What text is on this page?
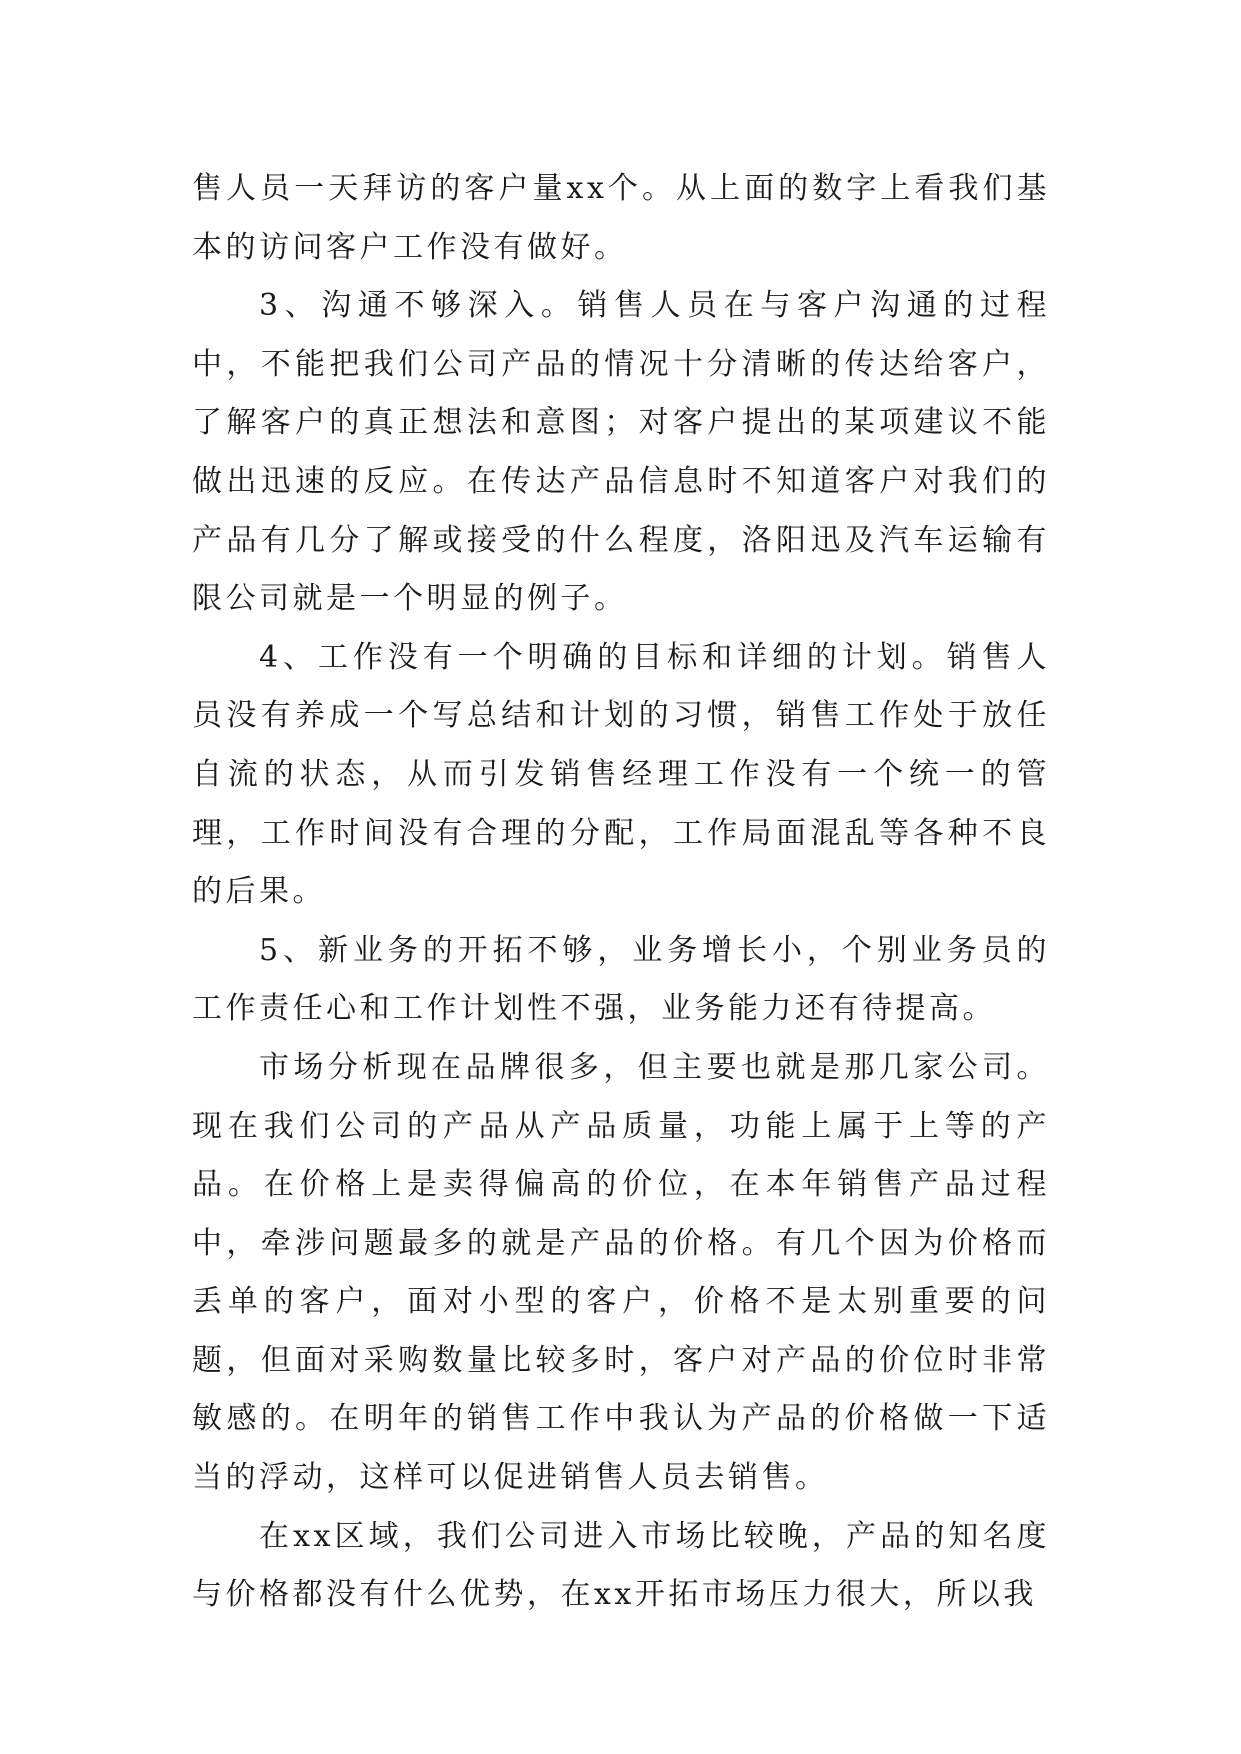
售人员一天拜访的客户量xx个。从上面的数字上看我们基本的访问客户工作没有做好。

3、沟通不够深入。销售人员在与客户沟通的过程中，不能把我们公司产品的情况十分清晰的传达给客户，了解客户的真正想法和意图；对客户提出的某项建议不能做出迅速的反应。在传达产品信息时不知道客户对我们的产品有几分了解或接受的什么程度，洛阳迅及汽车运输有限公司就是一个明显的例子。

4、工作没有一个明确的目标和详细的计划。销售人员没有养成一个写总结和计划的习惯，销售工作处于放任自流的状态，从而引发销售经理工作没有一个统一的管理，工作时间没有合理的分配，工作局面混乱等各种不良的后果。

5、新业务的开拓不够，业务增长小，个别业务员的工作责任心和工作计划性不强，业务能力还有待提高。

市场分析现在品牌很多，但主要也就是那几家公司。现在我们公司的产品从产品质量，功能上属于上等的产品。在价格上是卖得偏高的价位，在本年销售产品过程中，牵涉问题最多的就是产品的价格。有几个因为价格而丢单的客户，面对小型的客户，价格不是太别重要的问题，但面对采购数量比较多时，客户对产品的价位时非常敏感的。在明年的销售工作中我认为产品的价格做一下适当的浮动，这样可以促进销售人员去销售。

在xx区域，我们公司进入市场比较晚，产品的知名度与价格都没有什么优势，在xx开拓市场压力很大，所以我
